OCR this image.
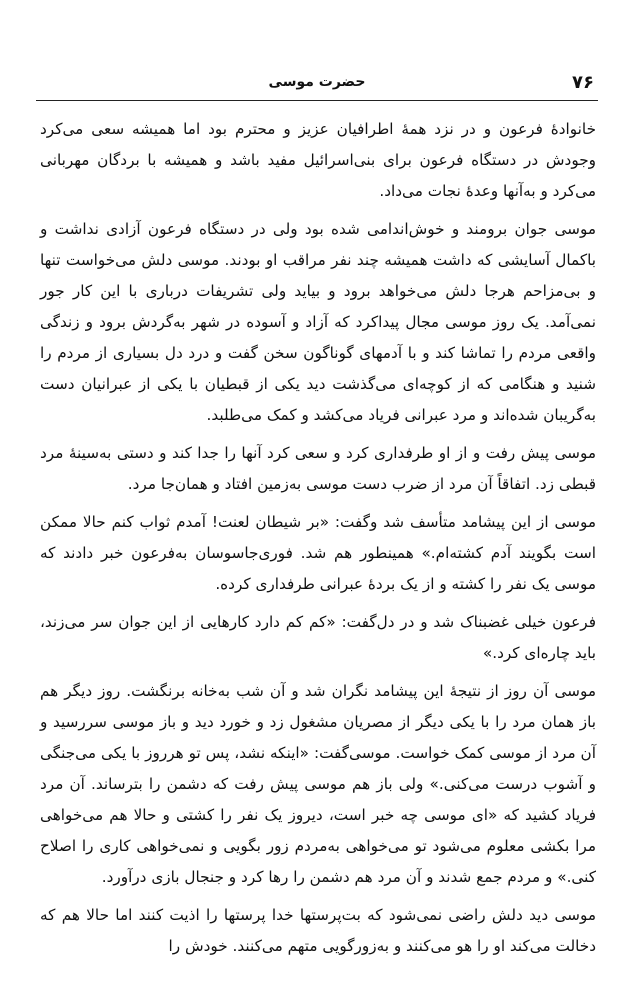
۷۶
حضرت موسی

خانوادهٔ فرعون و در نزد همهٔ اطرافیان عزیز و محترم بود اما همیشه سعی می‌کرد وجودش در دستگاه فرعون برای بنی‌اسرائیل مفید باشد و همیشه با بردگان مهربانی می‌کرد و به‌آنها وعدهٔ نجات می‌داد.

موسی جوان برومند و خوش‌اندامی شده بود ولی در دستگاه فرعون آزادی نداشت و باکمال آسایشی که داشت همیشه چند نفر مراقب او بودند. موسی دلش می‌خواست تنها و بی‌مزاحم هرجا دلش می‌خواهد برود و بیاید ولی تشریفات درباری با این کار جور نمی‌آمد. یک روز موسی مجال پیداکرد که آزاد و آسوده در شهر به‌گردش برود و زندگی واقعی مردم را تماشا کند و با آدمهای گوناگون سخن گفت و درد دل بسیاری از مردم را شنید و هنگامی که از کوچه‌ای می‌گذشت دید یکی از قبطیان با یکی از عبرانیان دست به‌گریبان شده‌اند و مرد عبرانی فریاد می‌کشد و کمک می‌طلبد.

موسی پیش رفت و از او طرفداری کرد و سعی کرد آنها را جدا کند و دستی به‌سینهٔ مرد قبطی زد. اتفاقاً آن مرد از ضرب دست موسی به‌زمین افتاد و همان‌جا مرد.

موسی از این پیشامد متأسف شد وگفت: «بر شیطان لعنت! آمدم ثواب کنم حالا ممکن است بگویند آدم کشته‌ام.» همینطور هم شد. فوری‌جاسوسان به‌فرعون خبر دادند که موسی یک نفر را کشته و از یک بردهٔ عبرانی طرفداری کرده.

فرعون خیلی غضبناک شد و در دل‌گفت: «کم کم دارد کارهایی از این جوان سر می‌زند، باید چاره‌ای کرد.»

موسی آن روز از نتیجهٔ این پیشامد نگران شد و آن شب به‌خانه برنگشت. روز دیگر هم باز همان مرد را با یکی دیگر از مصریان مشغول زد و خورد دید و باز موسی سررسید و آن مرد از موسی کمک خواست. موسی‌گفت: «اینکه نشد، پس تو هرروز با یکی می‌جنگی و آشوب درست می‌کنی.» ولی باز هم موسی پیش رفت که دشمن را بترساند. آن مرد فریاد کشید که «ای موسی چه خبر است، دیروز یک نفر را کشتی و حالا هم می‌خواهی مرا بکشی معلوم می‌شود تو می‌خواهی به‌مردم زور بگویی و نمی‌خواهی کاری را اصلاح کنی.» و مردم جمع شدند و آن مرد هم دشمن را رها کرد و جنجال بازی درآورد.

موسی دید دلش راضی نمی‌شود که بت‌پرستها خدا پرستها را اذیت کنند اما حالا هم که دخالت می‌کند او را هو می‌کنند و به‌زورگویی متهم می‌کنند. خودش را
